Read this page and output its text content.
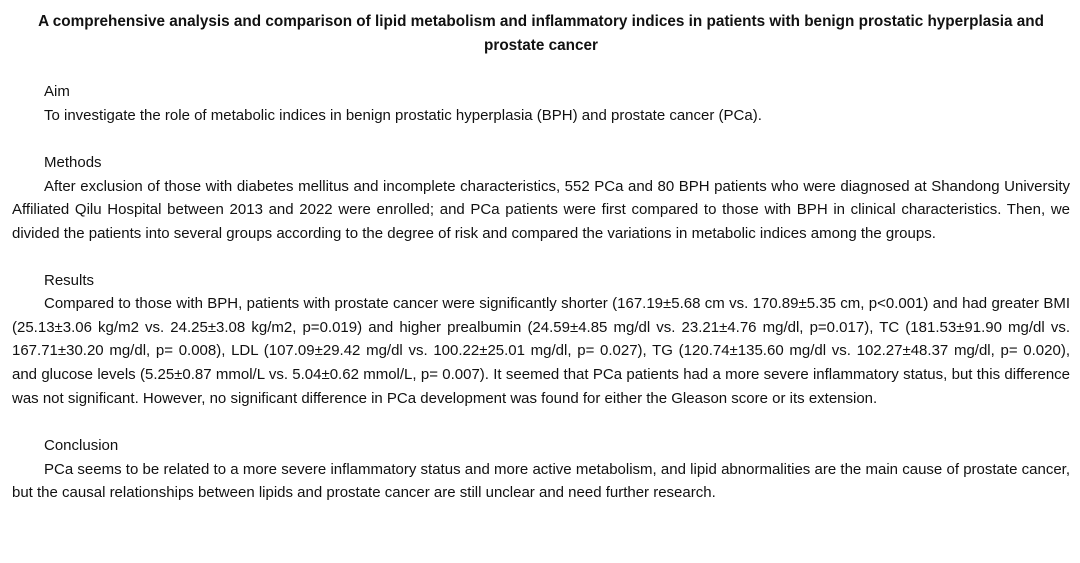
A comprehensive analysis and comparison of lipid metabolism and inflammatory indices in patients with benign prostatic hyperplasia and prostate cancer
Aim

To investigate the role of metabolic indices in benign prostatic hyperplasia (BPH) and prostate cancer (PCa).

Methods

After exclusion of those with diabetes mellitus and incomplete characteristics, 552 PCa and 80 BPH patients who were diagnosed at Shandong University Affiliated Qilu Hospital between 2013 and 2022 were enrolled; and PCa patients were first compared to those with BPH in clinical characteristics. Then, we divided the patients into several groups according to the degree of risk and compared the variations in metabolic indices among the groups.

Results

Compared to those with BPH, patients with prostate cancer were significantly shorter (167.19±5.68 cm vs. 170.89±5.35 cm, p<0.001) and had greater BMI (25.13±3.06 kg/m2 vs. 24.25±3.08 kg/m2, p=0.019) and higher prealbumin (24.59±4.85 mg/dl vs. 23.21±4.76 mg/dl, p=0.017), TC (181.53±91.90 mg/dl vs. 167.71±30.20 mg/dl, p= 0.008), LDL (107.09±29.42 mg/dl vs. 100.22±25.01 mg/dl, p= 0.027), TG (120.74±135.60 mg/dl vs. 102.27±48.37 mg/dl, p= 0.020), and glucose levels (5.25±0.87 mmol/L vs. 5.04±0.62 mmol/L, p= 0.007). It seemed that PCa patients had a more severe inflammatory status, but this difference was not significant. However, no significant difference in PCa development was found for either the Gleason score or its extension.

Conclusion

PCa seems to be related to a more severe inflammatory status and more active metabolism, and lipid abnormalities are the main cause of prostate cancer, but the causal relationships between lipids and prostate cancer are still unclear and need further research.
